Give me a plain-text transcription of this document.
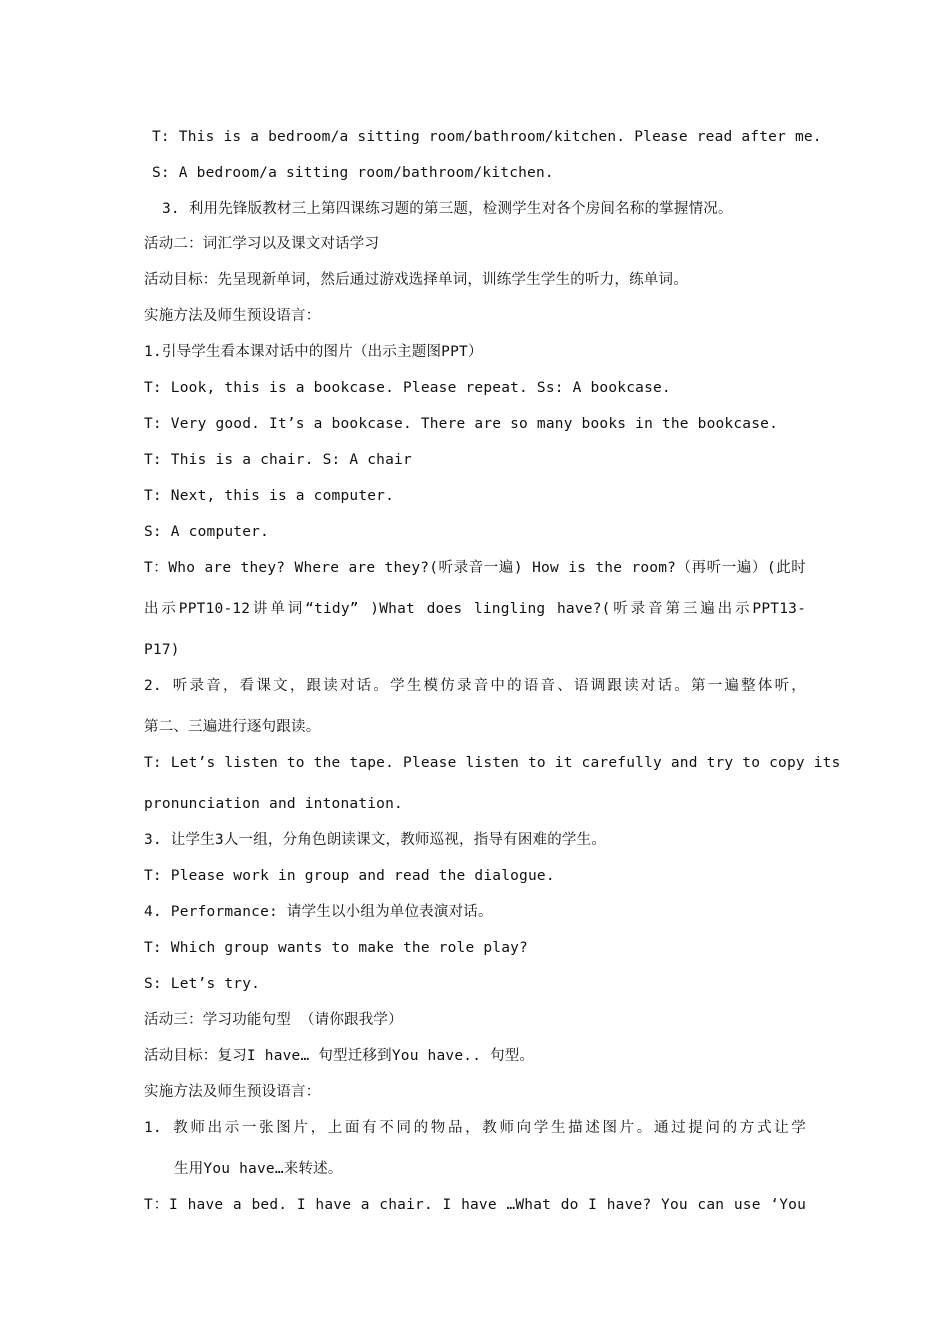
T: This is a bedroom/a sitting room/bathroom/kitchen. Please read after me.
S: A bedroom/a sitting room/bathroom/kitchen.
3. 利用先锋版教材三上第四课练习题的第三题，检测学生对各个房间名称的掌握情况。
活动二：词汇学习以及课文对话学习
活动目标：先呈现新单词，然后通过游戏选择单词，训练学生学生的听力，练单词。
实施方法及师生预设语言：
1.引导学生看本课对话中的图片（出示主题图PPT）
T: Look, this is a bookcase. Please repeat. Ss: A bookcase.
T: Very good. It’s a bookcase. There are so many books in the bookcase.
T: This is a chair. S: A chair
T: Next, this is a computer.
S: A computer.
T：Who are they? Where are they?(听录音一遍) How is the room?（再听一遍）(此时
出示PPT10-12讲单词“tidy” )What does lingling have?(听录音第三遍出示PPT13-
P17)
2. 听录音，看课文，跟读对话。学生模仿录音中的语音、语调跟读对话。第一遍整体听，
第二、三遍进行逐句跟读。
T: Let’s listen to the tape. Please listen to it carefully and try to copy its
pronunciation and intonation.
3. 让学生3人一组，分角色朗读课文，教师巡视，指导有困难的学生。
T: Please work in group and read the dialogue.
4. Performance: 请学生以小组为单位表演对话。
T: Which group wants to make the role play?
S: Let’s try.
活动三：学习功能句型 （请你跟我学）
活动目标：复习I have… 句型迁移到You have.. 句型。
实施方法及师生预设语言：
1. 教师出示一张图片，上面有不同的物品，教师向学生描述图片。通过提问的方式让学
生用You have…来转述。
T：I have a bed. I have a chair. I have …What do I have? You can use ‘You
